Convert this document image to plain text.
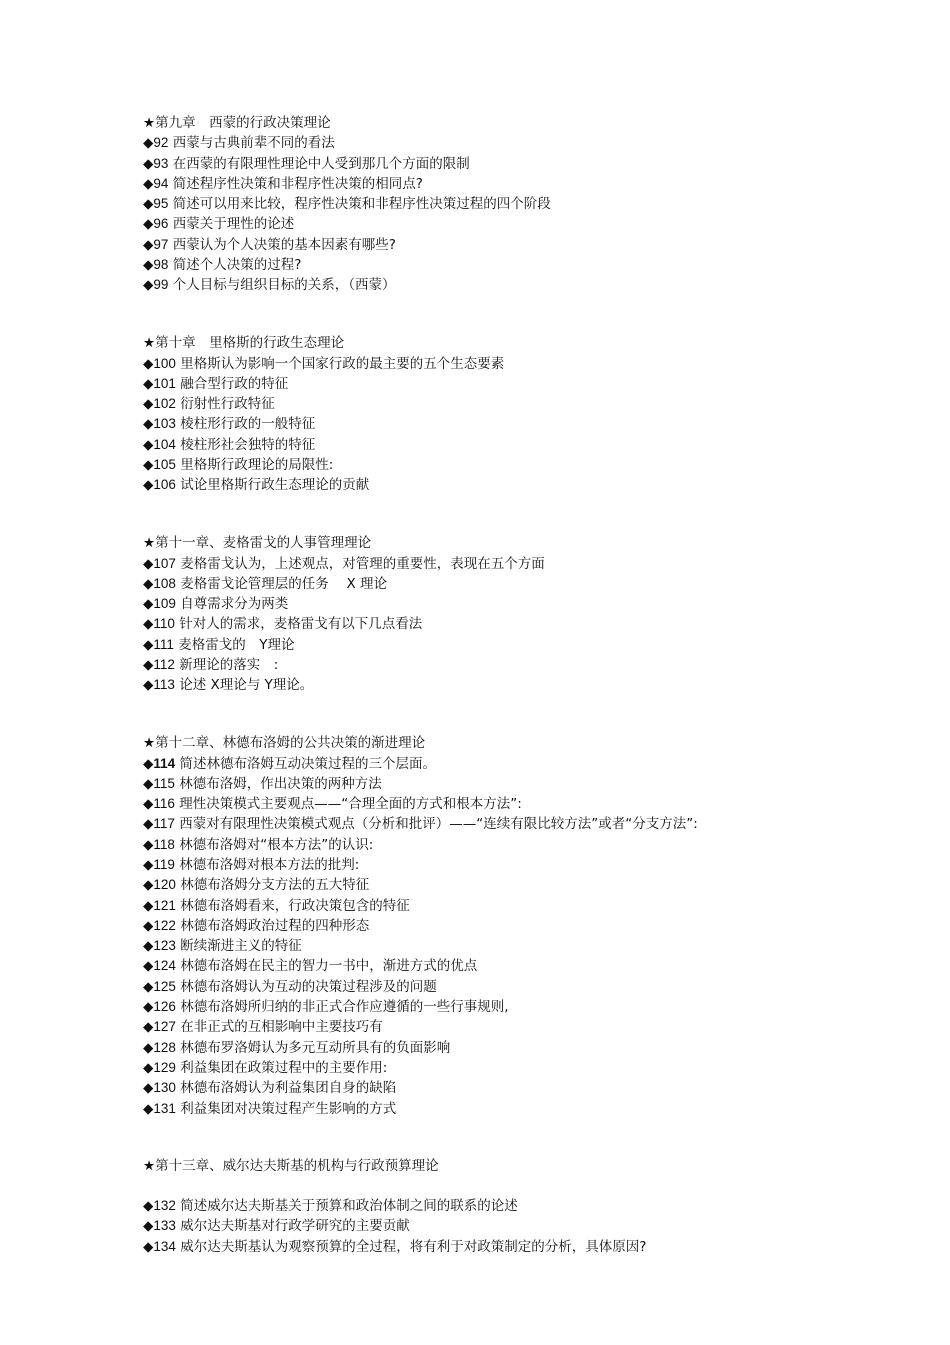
★第九章　西蒙的行政决策理论
◆92 西蒙与古典前辈不同的看法
◆93 在西蒙的有限理性理论中人受到那几个方面的限制
◆94 简述程序性决策和非程序性决策的相同点?
◆95 简述可以用来比较，程序性决策和非程序性决策过程的四个阶段
◆96 西蒙关于理性的论述
◆97 西蒙认为个人决策的基本因素有哪些?
◆98 简述个人决策的过程?
◆99 个人目标与组织目标的关系，（西蒙）
★第十章　里格斯的行政生态理论
◆100 里格斯认为影响一个国家行政的最主要的五个生态要素
◆101 融合型行政的特征
◆102 衍射性行政特征
◆103 棱柱形行政的一般特征
◆104 棱柱形社会独特的特征
◆105 里格斯行政理论的局限性:
◆106 试论里格斯行政生态理论的贡献
★第十一章、麦格雷戈的人事管理理论
◆107 麦格雷戈认为，上述观点，对管理的重要性，表现在五个方面
◆108 麦格雷戈论管理层的任务　 X 理论
◆109 自尊需求分为两类
◆110 针对人的需求，麦格雷戈有以下几点看法
◆111 麦格雷戈的　Y理论
◆112 新理论的落实　:
◆113 论述 X理论与 Y理论。
★第十二章、林德布洛姆的公共决策的渐进理论
◆114 简述林德布洛姆互动决策过程的三个层面。
◆115 林德布洛姆，作出决策的两种方法
◆116 理性决策模式主要观点——“合理全面的方式和根本方法”:
◆117 西蒙对有限理性决策模式观点（分析和批评）——“连续有限比较方法”或者“分支方法”:
◆118 林德布洛姆对“根本方法”的认识:
◆119 林德布洛姆对根本方法的批判:
◆120 林德布洛姆分支方法的五大特征
◆121 林德布洛姆看来，行政决策包含的特征
◆122 林德布洛姆政治过程的四种形态
◆123 断续渐进主义的特征
◆124 林德布洛姆在民主的智力一书中，渐进方式的优点
◆125 林德布洛姆认为互动的决策过程涉及的问题
◆126 林德布洛姆所归纳的非正式合作应遵循的一些行事规则,
◆127 在非正式的互相影响中主要技巧有
◆128 林德布罗洛姆认为多元互动所具有的负面影响
◆129 利益集团在政策过程中的主要作用:
◆130 林德布洛姆认为利益集团自身的缺陷
◆131 利益集团对决策过程产生影响的方式
★第十三章、威尔达夫斯基的机构与行政预算理论
◆132 简述威尔达夫斯基关于预算和政治体制之间的联系的论述
◆133 威尔达夫斯基对行政学研究的主要贡献
◆134 威尔达夫斯基认为观察预算的全过程，将有利于对政策制定的分析，具体原因?
